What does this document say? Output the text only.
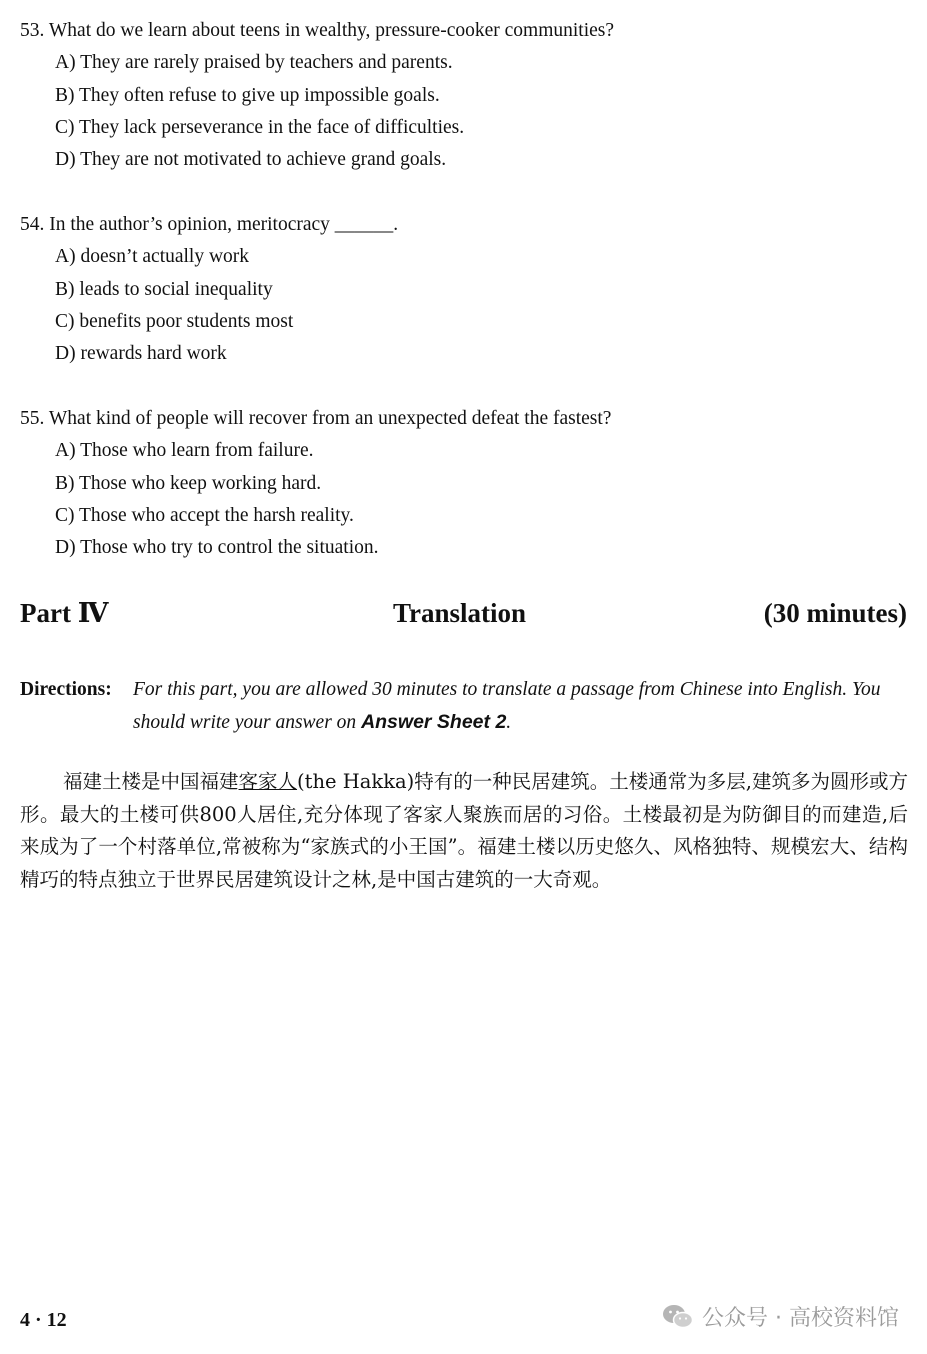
53. What do we learn about teens in wealthy, pressure-cooker communities?
A) They are rarely praised by teachers and parents.
B) They often refuse to give up impossible goals.
C) They lack perseverance in the face of difficulties.
D) They are not motivated to achieve grand goals.
54. In the author’s opinion, meritocracy ______.
A) doesn’t actually work
B) leads to social inequality
C) benefits poor students most
D) rewards hard work
55. What kind of people will recover from an unexpected defeat the fastest?
A) Those who learn from failure.
B) Those who keep working hard.
C) Those who accept the harsh reality.
D) Those who try to control the situation.
Part Ⅳ	Translation	(30 minutes)
Directions: For this part, you are allowed 30 minutes to translate a passage from Chinese into English. You should write your answer on Answer Sheet 2.
福建土楼是中国福建客家人(the Hakka)特有的一种民居建筑。土楼通常为多层,建筑多为圆形或方形。最大的土楼可供800人居住,充分体现了客家人聚族而居的习俗。土楼最初是为防御目的而建造,后来成为了一个村落单位,常被称为“家族式的小王国”。福建土楼以历史悠久、风格独特、规模宏大、结构精巧的特点独立于世界民居建筑设计之林,是中国古建筑的一大奇观。
4 · 12	公众号 · 高校资料馆
